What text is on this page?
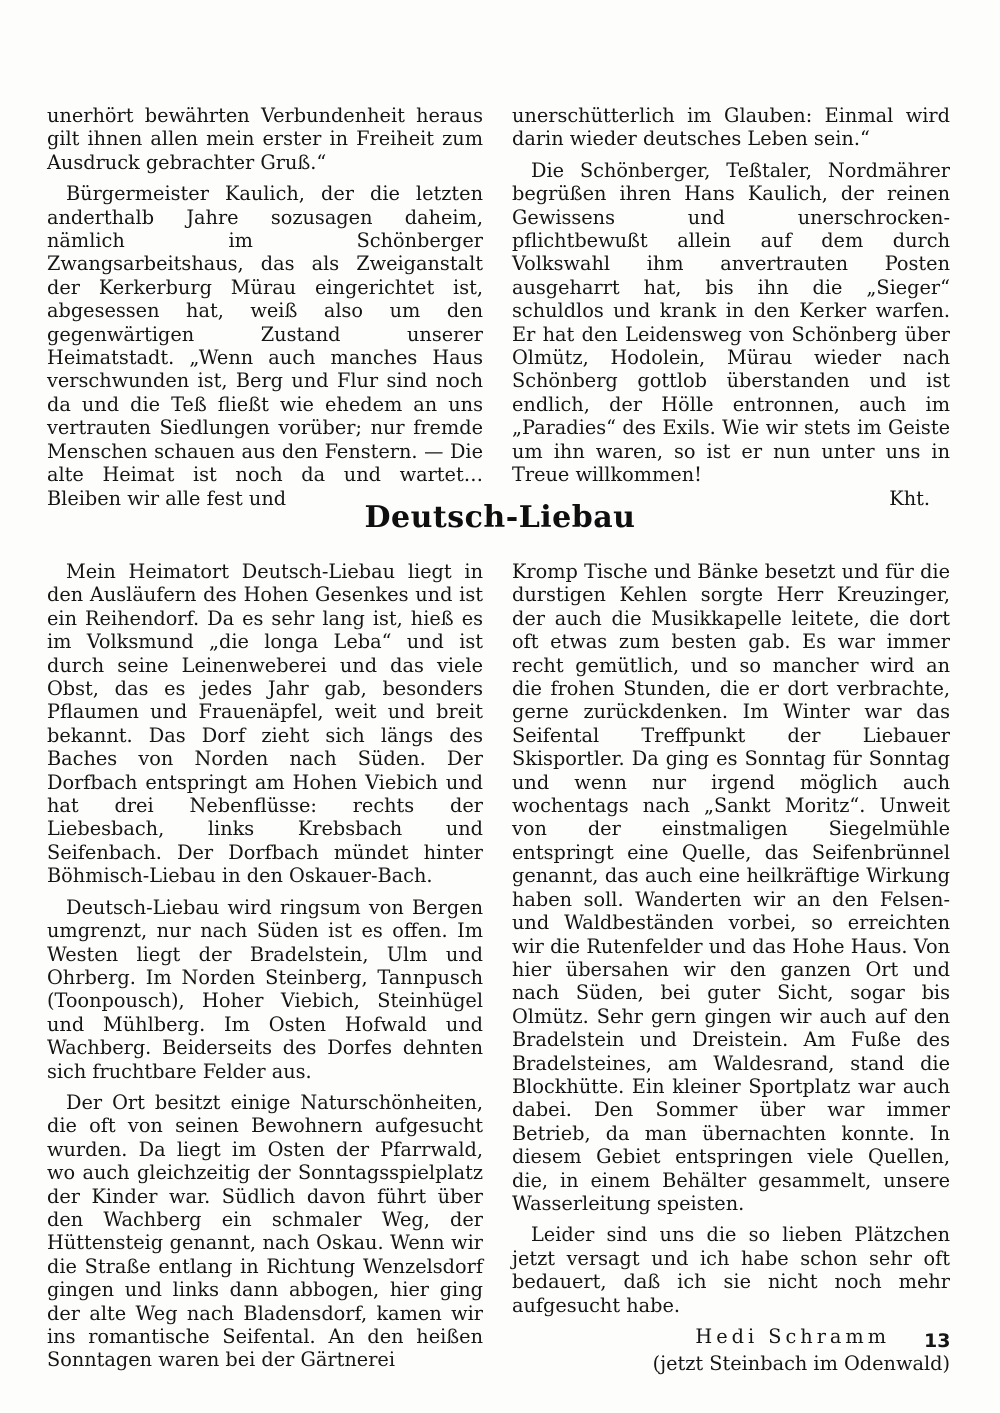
unerhört bewährten Verbundenheit heraus gilt ihnen allen mein erster in Freiheit zum Ausdruck gebrachter Gruß.“

Bürgermeister Kaulich, der die letzten anderthalb Jahre sozusagen daheim, nämlich im Schönberger Zwangsarbeitshaus, das als Zweiganstalt der Kerkerburg Mürau eingerichtet ist, abgesessen hat, weiß also um den gegenwärtigen Zustand unserer Heimatstadt. „Wenn auch manches Haus verschwunden ist, Berg und Flur sind noch da und die Teß fließt wie ehedem an uns vertrauten Siedlungen vorüber; nur fremde Menschen schauen aus den Fenstern. — Die alte Heimat ist noch da und wartet… Bleiben wir alle fest und

unerschütterlich im Glauben: Einmal wird darin wieder deutsches Leben sein.“

Die Schönberger, Teßtaler, Nordmährer begrüßen ihren Hans Kaulich, der reinen Gewissens und unerschrocken-pflichtbewußt allein auf dem durch Volkswahl ihm anvertrauten Posten ausgeharrt hat, bis ihn die „Sieger“ schuldlos und krank in den Kerker warfen. Er hat den Leidensweg von Schönberg über Olmütz, Hodolein, Mürau wieder nach Schönberg gottlob überstanden und ist endlich, der Hölle entronnen, auch im „Paradies“ des Exils. Wie wir stets im Geiste um ihn waren, so ist er nun unter uns in Treue willkommen!

Kht.

Deutsch-Liebau

Mein Heimatort Deutsch-Liebau liegt in den Ausläufern des Hohen Gesenkes und ist ein Reihendorf. Da es sehr lang ist, hieß es im Volksmund „die longa Leba“ und ist durch seine Leinenweberei und das viele Obst, das es jedes Jahr gab, besonders Pflaumen und Frauenäpfel, weit und breit bekannt. Das Dorf zieht sich längs des Baches von Norden nach Süden. Der Dorfbach entspringt am Hohen Viebich und hat drei Nebenflüsse: rechts der Liebesbach, links Krebsbach und Seifenbach. Der Dorfbach mündet hinter Böhmisch-Liebau in den Oskauer-Bach.

Deutsch-Liebau wird ringsum von Bergen umgrenzt, nur nach Süden ist es offen. Im Westen liegt der Bradelstein, Ulm und Ohrberg. Im Norden Steinberg, Tannpusch (Toonpousch), Hoher Viebich, Steinhügel und Mühlberg. Im Osten Hofwald und Wachberg. Beiderseits des Dorfes dehnten sich fruchtbare Felder aus.

Der Ort besitzt einige Naturschönheiten, die oft von seinen Bewohnern aufgesucht wurden. Da liegt im Osten der Pfarrwald, wo auch gleichzeitig der Sonntagsspielplatz der Kinder war. Südlich davon führt über den Wachberg ein schmaler Weg, der Hüttensteig genannt, nach Oskau. Wenn wir die Straße entlang in Richtung Wenzelsdorf gingen und links dann abbogen, hier ging der alte Weg nach Bladensdorf, kamen wir ins romantische Seifental. An den heißen Sonntagen waren bei der Gärtnerei

Kromp Tische und Bänke besetzt und für die durstigen Kehlen sorgte Herr Kreuzinger, der auch die Musikkapelle leitete, die dort oft etwas zum besten gab. Es war immer recht gemütlich, und so mancher wird an die frohen Stunden, die er dort verbrachte, gerne zurückdenken. Im Winter war das Seifental Treffpunkt der Liebauer Skisportler. Da ging es Sonntag für Sonntag und wenn nur irgend möglich auch wochentags nach „Sankt Moritz“. Unweit von der einstmaligen Siegelmühle entspringt eine Quelle, das Seifenbrünnel genannt, das auch eine heilkräftige Wirkung haben soll. Wanderten wir an den Felsen- und Waldbeständen vorbei, so erreichten wir die Rutenfelder und das Hohe Haus. Von hier übersahen wir den ganzen Ort und nach Süden, bei guter Sicht, sogar bis Olmütz. Sehr gern gingen wir auch auf den Bradelstein und Dreistein. Am Fuße des Bradelsteines, am Waldesrand, stand die Blockhütte. Ein kleiner Sportplatz war auch dabei. Den Sommer über war immer Betrieb, da man übernachten konnte. In diesem Gebiet entspringen viele Quellen, die, in einem Behälter gesammelt, unsere Wasserleitung speisten.

Leider sind uns die so lieben Plätzchen jetzt versagt und ich habe schon sehr oft bedauert, daß ich sie nicht noch mehr aufgesucht habe.

Hedi Schramm

(jetzt Steinbach im Odenwald)

13
